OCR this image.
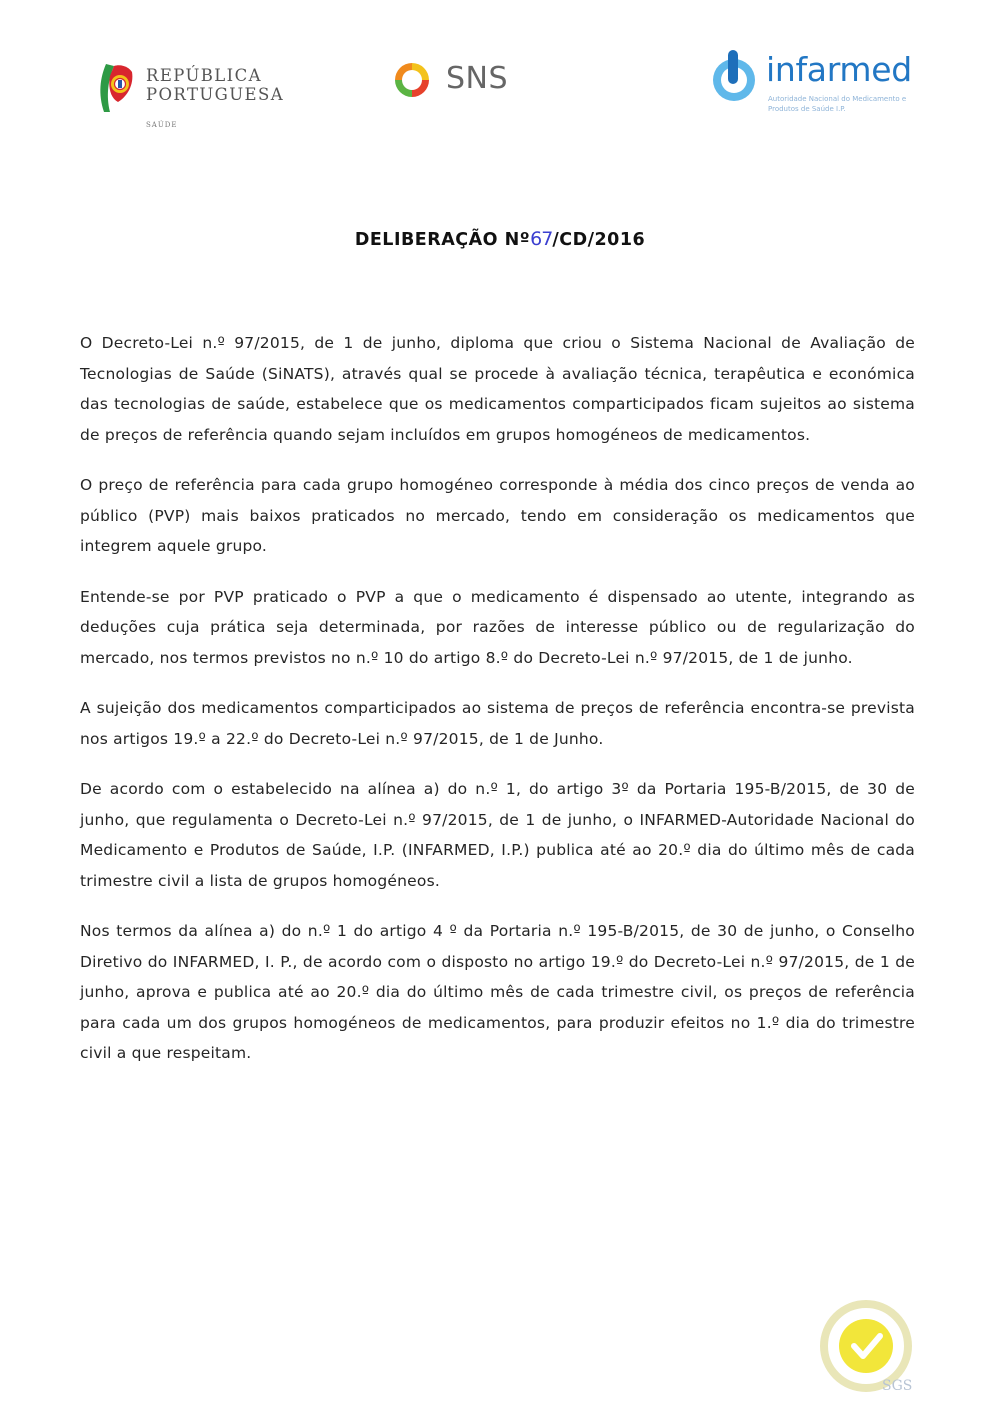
REPÚBLICA
PORTUGUESA
SAÚDE
SNS	infarmed
Autoridade Nacional do Medicamento e Produtos de Saúde I.P.
DELIBERAÇÃO Nº67/CD/2016

O Decreto-Lei n.º 97/2015, de 1 de junho, diploma que criou o Sistema Nacional de Avaliação de Tecnologias de Saúde (SiNATS), através qual se procede à avaliação técnica, terapêutica e económica das tecnologias de saúde, estabelece que os medicamentos comparticipados ficam sujeitos ao sistema de preços de referência quando sejam incluídos em grupos homogéneos de medicamentos.

O preço de referência para cada grupo homogéneo corresponde à média dos cinco preços de venda ao público (PVP) mais baixos praticados no mercado, tendo em consideração os medicamentos que integrem aquele grupo.

Entende-se por PVP praticado o PVP a que o medicamento é dispensado ao utente, integrando as deduções cuja prática seja determinada, por razões de interesse público ou de regularização do mercado, nos termos previstos no n.º 10 do artigo 8.º do Decreto-Lei n.º 97/2015, de 1 de junho.

A sujeição dos medicamentos comparticipados ao sistema de preços de referência encontra-se prevista nos artigos 19.º a 22.º do Decreto-Lei n.º 97/2015, de 1 de Junho.

De acordo com o estabelecido na alínea a) do n.º 1, do artigo 3º da Portaria 195-B/2015, de 30 de junho, que regulamenta o Decreto-Lei n.º 97/2015, de 1 de junho, o INFARMED-Autoridade Nacional do Medicamento e Produtos de Saúde, I.P. (INFARMED, I.P.) publica até ao 20.º dia do último mês de cada trimestre civil a lista de grupos homogéneos.

Nos termos da alínea a) do n.º 1 do artigo 4 º da Portaria n.º 195-B/2015, de 30 de junho, o Conselho Diretivo do INFARMED, I. P., de acordo com o disposto no artigo 19.º do Decreto-Lei n.º 97/2015, de 1 de junho, aprova e publica até ao 20.º dia do último mês de cada trimestre civil, os preços de referência para cada um dos grupos homogéneos de medicamentos, para produzir efeitos no 1.º dia do trimestre civil a que respeitam.

SGS
